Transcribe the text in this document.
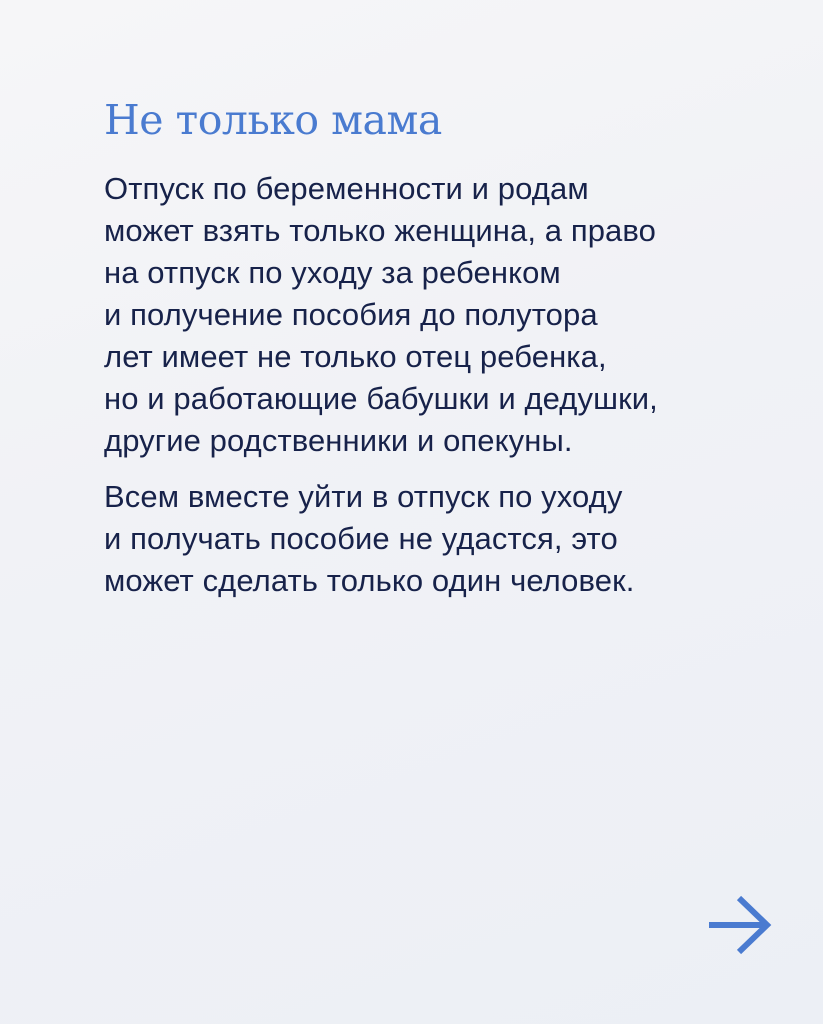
Не только мама

Отпуск по беременности и родам
может взять только женщина, а право
на отпуск по уходу за ребенком
и получение пособия до полутора
лет имеет не только отец ребенка,
но и работающие бабушки и дедушки,
другие родственники и опекуны.

Всем вместе уйти в отпуск по уходу
и получать пособие не удастся, это
может сделать только один человек.
